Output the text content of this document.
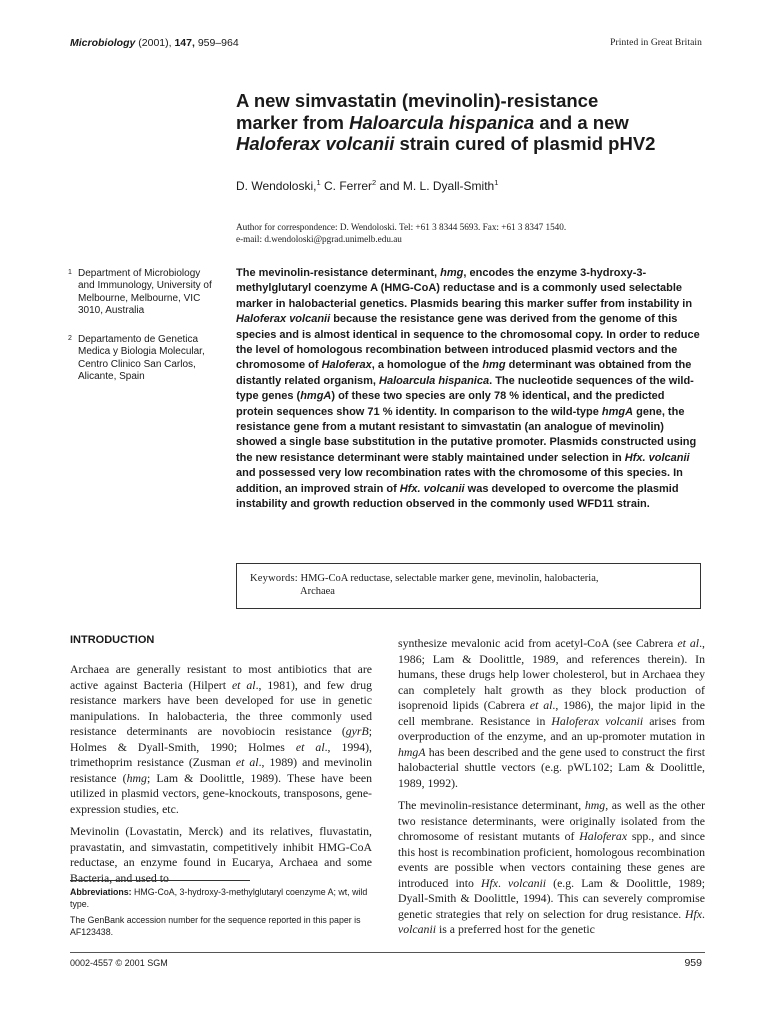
Microbiology (2001), 147, 959–964	Printed in Great Britain
A new simvastatin (mevinolin)-resistance
marker from Haloarcula hispanica and a new
Haloferax volcanii strain cured of plasmid pHV2
D. Wendoloski,$^1$ C. Ferrer$^2$ and M. L. Dyall-Smith$^1$
Author for correspondence: D. Wendoloski. Tel: +61 3 8344 5693. Fax: +61 3 8347 1540.
e-mail: d.wendoloski@pgrad.unimelb.edu.au
1 Department of Microbiology and Immunology, University of Melbourne, Melbourne, VIC 3010, Australia
2 Departamento de Genetica Medica y Biologia Molecular, Centro Clinico San Carlos, Alicante, Spain
The mevinolin-resistance determinant, hmg, encodes the enzyme 3-hydroxy-3-methylglutaryl coenzyme A (HMG-CoA) reductase and is a commonly used selectable marker in halobacterial genetics. Plasmids bearing this marker suffer from instability in Haloferax volcanii because the resistance gene was derived from the genome of this species and is almost identical in sequence to the chromosomal copy. In order to reduce the level of homologous recombination between introduced plasmid vectors and the chromosome of Haloferax, a homologue of the hmg determinant was obtained from the distantly related organism, Haloarcula hispanica. The nucleotide sequences of the wild-type genes (hmgA) of these two species are only 78 % identical, and the predicted protein sequences show 71 % identity. In comparison to the wild-type hmgA gene, the resistance gene from a mutant resistant to simvastatin (an analogue of mevinolin) showed a single base substitution in the putative promoter. Plasmids constructed using the new resistance determinant were stably maintained under selection in Hfx. volcanii and possessed very low recombination rates with the chromosome of this species. In addition, an improved strain of Hfx. volcanii was developed to overcome the plasmid instability and growth reduction observed in the commonly used WFD11 strain.
Keywords: HMG-CoA reductase, selectable marker gene, mevinolin, halobacteria,
Archaea
INTRODUCTION

Archaea are generally resistant to most antibiotics that are active against Bacteria (Hilpert et al., 1981), and few drug resistance markers have been developed for use in genetic manipulations. In halobacteria, the three commonly used resistance determinants are novobiocin resistance (gyrB; Holmes & Dyall-Smith, 1990; Holmes et al., 1994), trimethoprim resistance (Zusman et al., 1989) and mevinolin resistance (hmg; Lam & Doolittle, 1989). These have been utilized in plasmid vectors, gene-knockouts, transposons, gene-expression studies, etc.

Mevinolin (Lovastatin, Merck) and its relatives, fluvastatin, pravastatin, and simvastatin, competitively inhibit HMG-CoA reductase, an enzyme found in Eucarya, Archaea and some Bacteria, and used to

Abbreviations: HMG-CoA, 3-hydroxy-3-methylglutaryl coenzyme A; wt, wild type.

The GenBank accession number for the sequence reported in this paper is AF123438.

synthesize mevalonic acid from acetyl-CoA (see Cabrera et al., 1986; Lam & Doolittle, 1989, and references therein). In humans, these drugs help lower cholesterol, but in Archaea they can completely halt growth as they block production of isoprenoid lipids (Cabrera et al., 1986), the major lipid in the cell membrane. Resistance in Haloferax volcanii arises from overproduction of the enzyme, and an up-promoter mutation in hmgA has been described and the gene used to construct the first halobacterial shuttle vectors (e.g. pWL102; Lam & Doolittle, 1989, 1992).

The mevinolin-resistance determinant, hmg, as well as the other two resistance determinants, were originally isolated from the chromosome of resistant mutants of Haloferax spp., and since this host is recombination proficient, homologous recombination events are possible when vectors containing these genes are introduced into Hfx. volcanii (e.g. Lam & Doolittle, 1989; Dyall-Smith & Doolittle, 1994). This can severely compromise genetic strategies that rely on selection for drug resistance. Hfx. volcanii is a preferred host for the genetic

0002-4557 © 2001 SGM	959
